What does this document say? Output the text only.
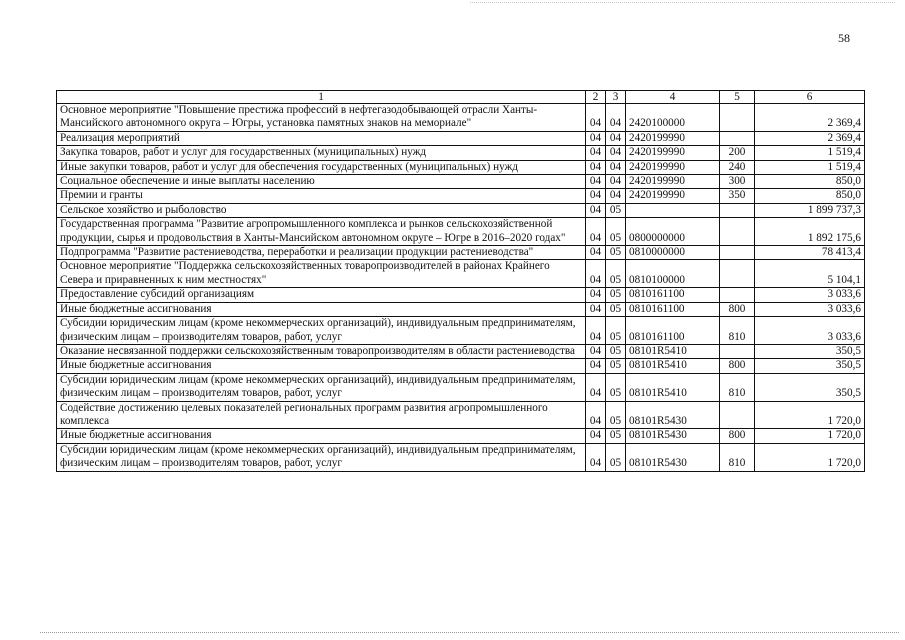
58
1	2	3	4	5	6
Основное мероприятие "Повышение престижа профессий в нефтегазодобывающей отрасли Ханты-Мансийского автономного округа – Югры, установка памятных знаков на мемориале"	04	04	2420100000		2 369,4
Реализация мероприятий	04	04	2420199990		2 369,4
Закупка товаров, работ и услуг для государственных (муниципальных) нужд	04	04	2420199990	200	1 519,4
Иные закупки товаров, работ и услуг для обеспечения государственных (муниципальных) нужд	04	04	2420199990	240	1 519,4
Социальное обеспечение и иные выплаты населению	04	04	2420199990	300	850,0
Премии и гранты	04	04	2420199990	350	850,0
Сельское хозяйство и рыболовство	04	05			1 899 737,3
Государственная программа "Развитие агропромышленного комплекса и рынков сельскохозяйственной продукции, сырья и продовольствия в Ханты-Мансийском автономном округе – Югре в 2016–2020 годах"	04	05	0800000000		1 892 175,6
Подпрограмма "Развитие растениеводства, переработки и реализации продукции растениеводства"	04	05	0810000000		78 413,4
Основное мероприятие "Поддержка сельскохозяйственных товаропроизводителей в районах Крайнего Севера и приравненных к ним местностях"	04	05	0810100000		5 104,1
Предоставление субсидий организациям	04	05	0810161100		3 033,6
Иные бюджетные ассигнования	04	05	0810161100	800	3 033,6
Субсидии юридическим лицам (кроме некоммерческих организаций), индивидуальным предпринимателям, физическим лицам – производителям товаров, работ, услуг	04	05	0810161100	810	3 033,6
Оказание несвязанной поддержки сельскохозяйственным товаропроизводителям в области растениеводства	04	05	08101R5410		350,5
Иные бюджетные ассигнования	04	05	08101R5410	800	350,5
Субсидии юридическим лицам (кроме некоммерческих организаций), индивидуальным предпринимателям, физическим лицам – производителям товаров, работ, услуг	04	05	08101R5410	810	350,5
Содействие достижению целевых показателей региональных программ развития агропромышленного комплекса	04	05	08101R5430		1 720,0
Иные бюджетные ассигнования	04	05	08101R5430	800	1 720,0
Субсидии юридическим лицам (кроме некоммерческих организаций), индивидуальным предпринимателям, физическим лицам – производителям товаров, работ, услуг	04	05	08101R5430	810	1 720,0
